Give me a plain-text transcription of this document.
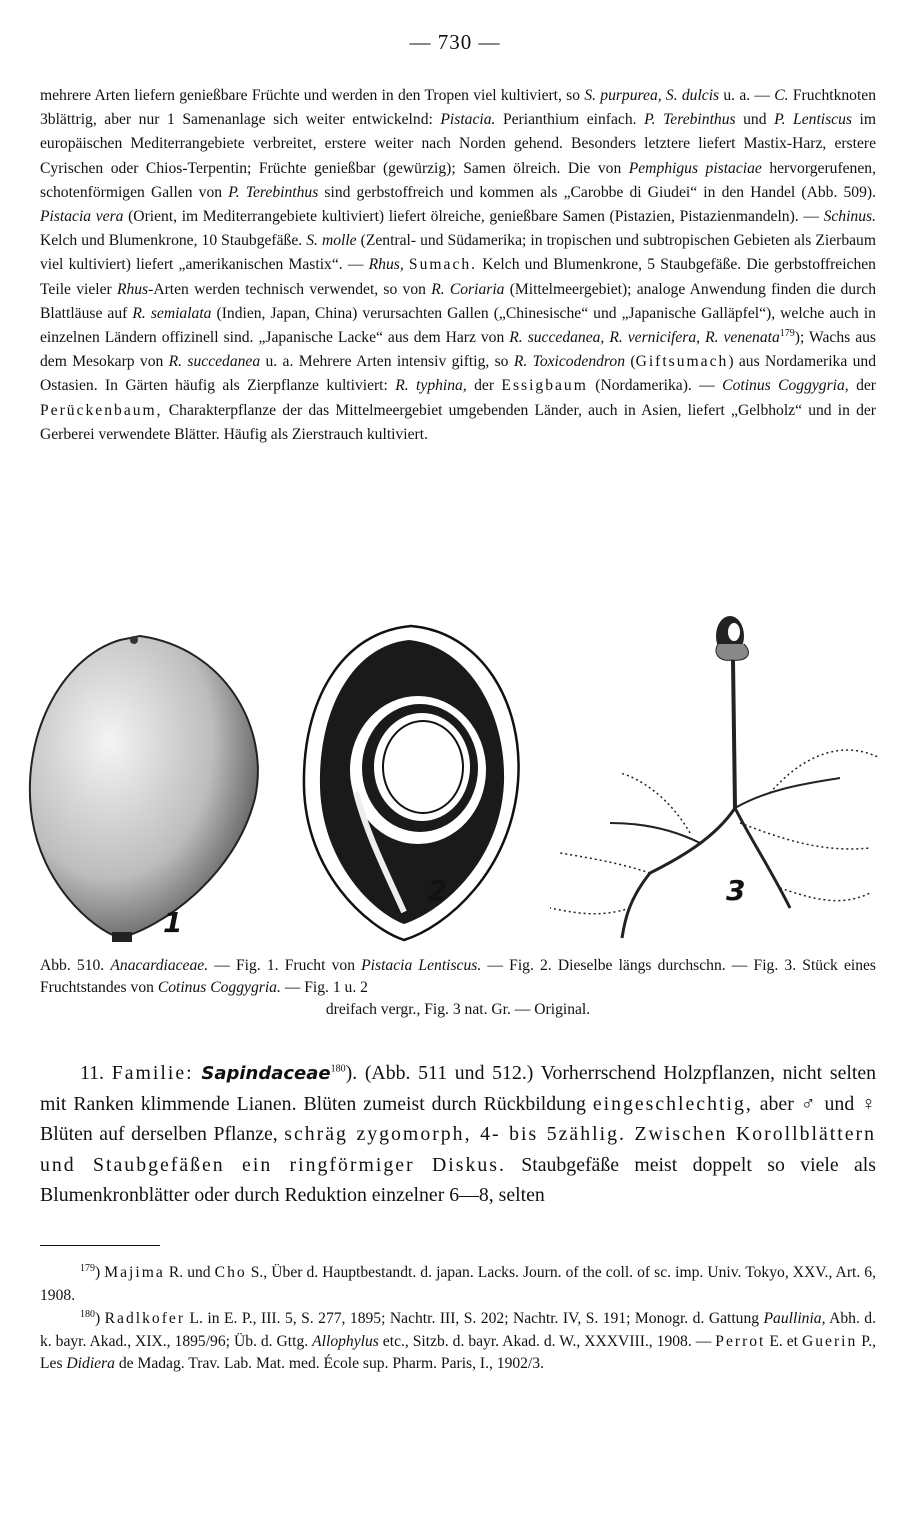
— 730 —

mehrere Arten liefern genießbare Früchte und werden in den Tropen viel kultiviert, so S. purpurea, S. dulcis u. a. — C. Fruchtknoten 3blättrig, aber nur 1 Samenanlage sich weiter entwickelnd: Pistacia. Perianthium einfach. P. Terebinthus und P. Lentiscus im europäischen Mediterrangebiete verbreitet, erstere weiter nach Norden gehend. Besonders letztere liefert Mastix-Harz, erstere Cyrischen oder Chios-Terpentin; Früchte genießbar (gewürzig); Samen ölreich. Die von Pemphigus pistaciae hervorgerufenen, schotenförmigen Gallen von P. Terebinthus sind gerbstoffreich und kommen als „Carobbe di Giudei“ in den Handel (Abb. 509). Pistacia vera (Orient, im Mediterrangebiete kultiviert) liefert ölreiche, genießbare Samen (Pistazien, Pistazienmandeln). — Schinus. Kelch und Blumenkrone, 10 Staubgefäße. S. molle (Zentral- und Südamerika; in tropischen und subtropischen Gebieten als Zierbaum viel kultiviert) liefert „amerikanischen Mastix“. — Rhus, Sumach. Kelch und Blumenkrone, 5 Staubgefäße. Die gerbstoffreichen Teile vieler Rhus-Arten werden technisch verwendet, so von R. Coriaria (Mittelmeergebiet); analoge Anwendung finden die durch Blattläuse auf R. semialata (Indien, Japan, China) verursachten Gallen („Chinesische“ und „Japanische Galläpfel“), welche auch in einzelnen Ländern offizinell sind. „Japanische Lacke“ aus dem Harz von R. succedanea, R. vernicifera, R. venenata$^{179}$); Wachs aus dem Mesokarp von R. succedanea u. a. Mehrere Arten intensiv giftig, so R. Toxicodendron (Giftsumach) aus Nordamerika und Ostasien. In Gärten häufig als Zierpflanze kultiviert: R. typhina, der Essigbaum (Nordamerika). — Cotinus Coggygria, der Perückenbaum, Charakterpflanze der das Mittelmeergebiet umgebenden Länder, auch in Asien, liefert „Gelbholz“ und in der Gerberei verwendete Blätter. Häufig als Zierstrauch kultiviert.

1
2	3
Abb. 510. Anacardiaceae. — Fig. 1. Frucht von Pistacia Lentiscus. — Fig. 2. Dieselbe längs durchschn. — Fig. 3. Stück eines Fruchtstandes von Cotinus Coggygria. — Fig. 1 u. 2
dreifach vergr., Fig. 3 nat. Gr. — Original.
11. Familie: Sapindaceae$^{180}$). (Abb. 511 und 512.) Vorherrschend Holzpflanzen, nicht selten mit Ranken klimmende Lianen. Blüten zumeist durch Rückbildung eingeschlechtig, aber ♂ und ♀ Blüten auf derselben Pflanze, schräg zygomorph, 4- bis 5zählig. Zwischen Korollblättern und Staubgefäßen ein ringförmiger Diskus. Staubgefäße meist doppelt so viele als Blumenkronblätter oder durch Reduktion einzelner 6—8, selten

$^{179}$) Majima R. und Cho S., Über d. Hauptbestandt. d. japan. Lacks. Journ. of the coll. of sc. imp. Univ. Tokyo, XXV., Art. 6, 1908.

$^{180}$) Radlkofer L. in E. P., III. 5, S. 277, 1895; Nachtr. III, S. 202; Nachtr. IV, S. 191; Monogr. d. Gattung Paullinia, Abh. d. k. bayr. Akad., XIX., 1895/96; Üb. d. Gttg. Allophylus etc., Sitzb. d. bayr. Akad. d. W., XXXVIII., 1908. — Perrot E. et Guerin P., Les Didiera de Madag. Trav. Lab. Mat. med. École sup. Pharm. Paris, I., 1902/3.
